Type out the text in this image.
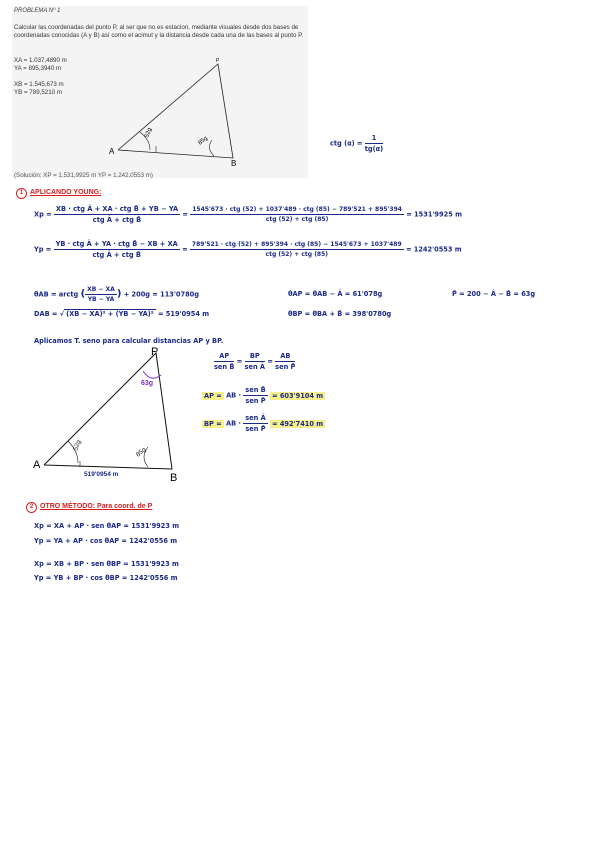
PROBLEMA Nº 1
Calcular las coordenadas del punto P, al ser que no es estacion, mediante visuales desde dos bases de coordenadas conocidas (A y B) así como el acimut y la distancia desde cada una de las bases al punto P.
XA = 1.037,4890 m
YA = 895,3940 m
XB = 1.545,673 m
YB = 789,5210 m
52g
85g
A
B
P
(Solución: XP = 1.531,9925 m YP = 1.242,0553 m)
ctg $(\alpha) = \frac{1}{tg(\alpha)}$
1 APLICANDO YOUNG:
$Xp = \frac{\text{XB · ctg Â + XA · ctg B̂ + YB − YA}}{\text{ctg Â + ctg B̂}}$ =
1545'673 · ctg (52) + 1037'489 · ctg (85) − 789'521 + 895'394
ctg (52) + ctg (85)
= 1531'9925 m
$Yp = \frac{\text{YB · ctg Â + YA · ctg B̂ − XB + XA}}{\text{ctg Â + ctg B̂}}$ =
789'521 · ctg (52) + 895'394 · ctg (85) − 1545'673 + 1037'489
ctg (52) + ctg (85)
= 1242'0553 m
θAB = arctg ( $\frac{XB - XA}{YB - YA}$ ) + 200g = 113'0780g	θAP = θAB − Â = 61'078g	P̂ = 200 − Â − B̂ = 63g
DAB = √ (XB − XA)² + (YB − YA)² = 519'0954 m	θBP = θBA + B̂ = 398'0780g
Aplicamos T. seno para calcular distancias AP y BP.
52g
85g
63g
519'0954 m
A
B
P	$\frac{AP}{\text{sen B̂}} = \frac{BP}{\text{sen Â}} = \frac{AB}{\text{sen P̂}}$
AP = AB · $\frac{\text{sen B̂}}{\text{sen P̂}} = 603'9104$ m
BP = AB · $\frac{\text{sen Â}}{\text{sen P̂}} = 492'7410$ m
2 OTRO MÉTODO: Para coord. de P
Xp = XA + AP · sen θAP = 1531'9923 m
Yp = YA + AP · cos θAP = 1242'0556 m
Xp = XB + BP · sen θBP = 1531'9923 m
Yp = YB + BP · cos θBP = 1242'0556 m
